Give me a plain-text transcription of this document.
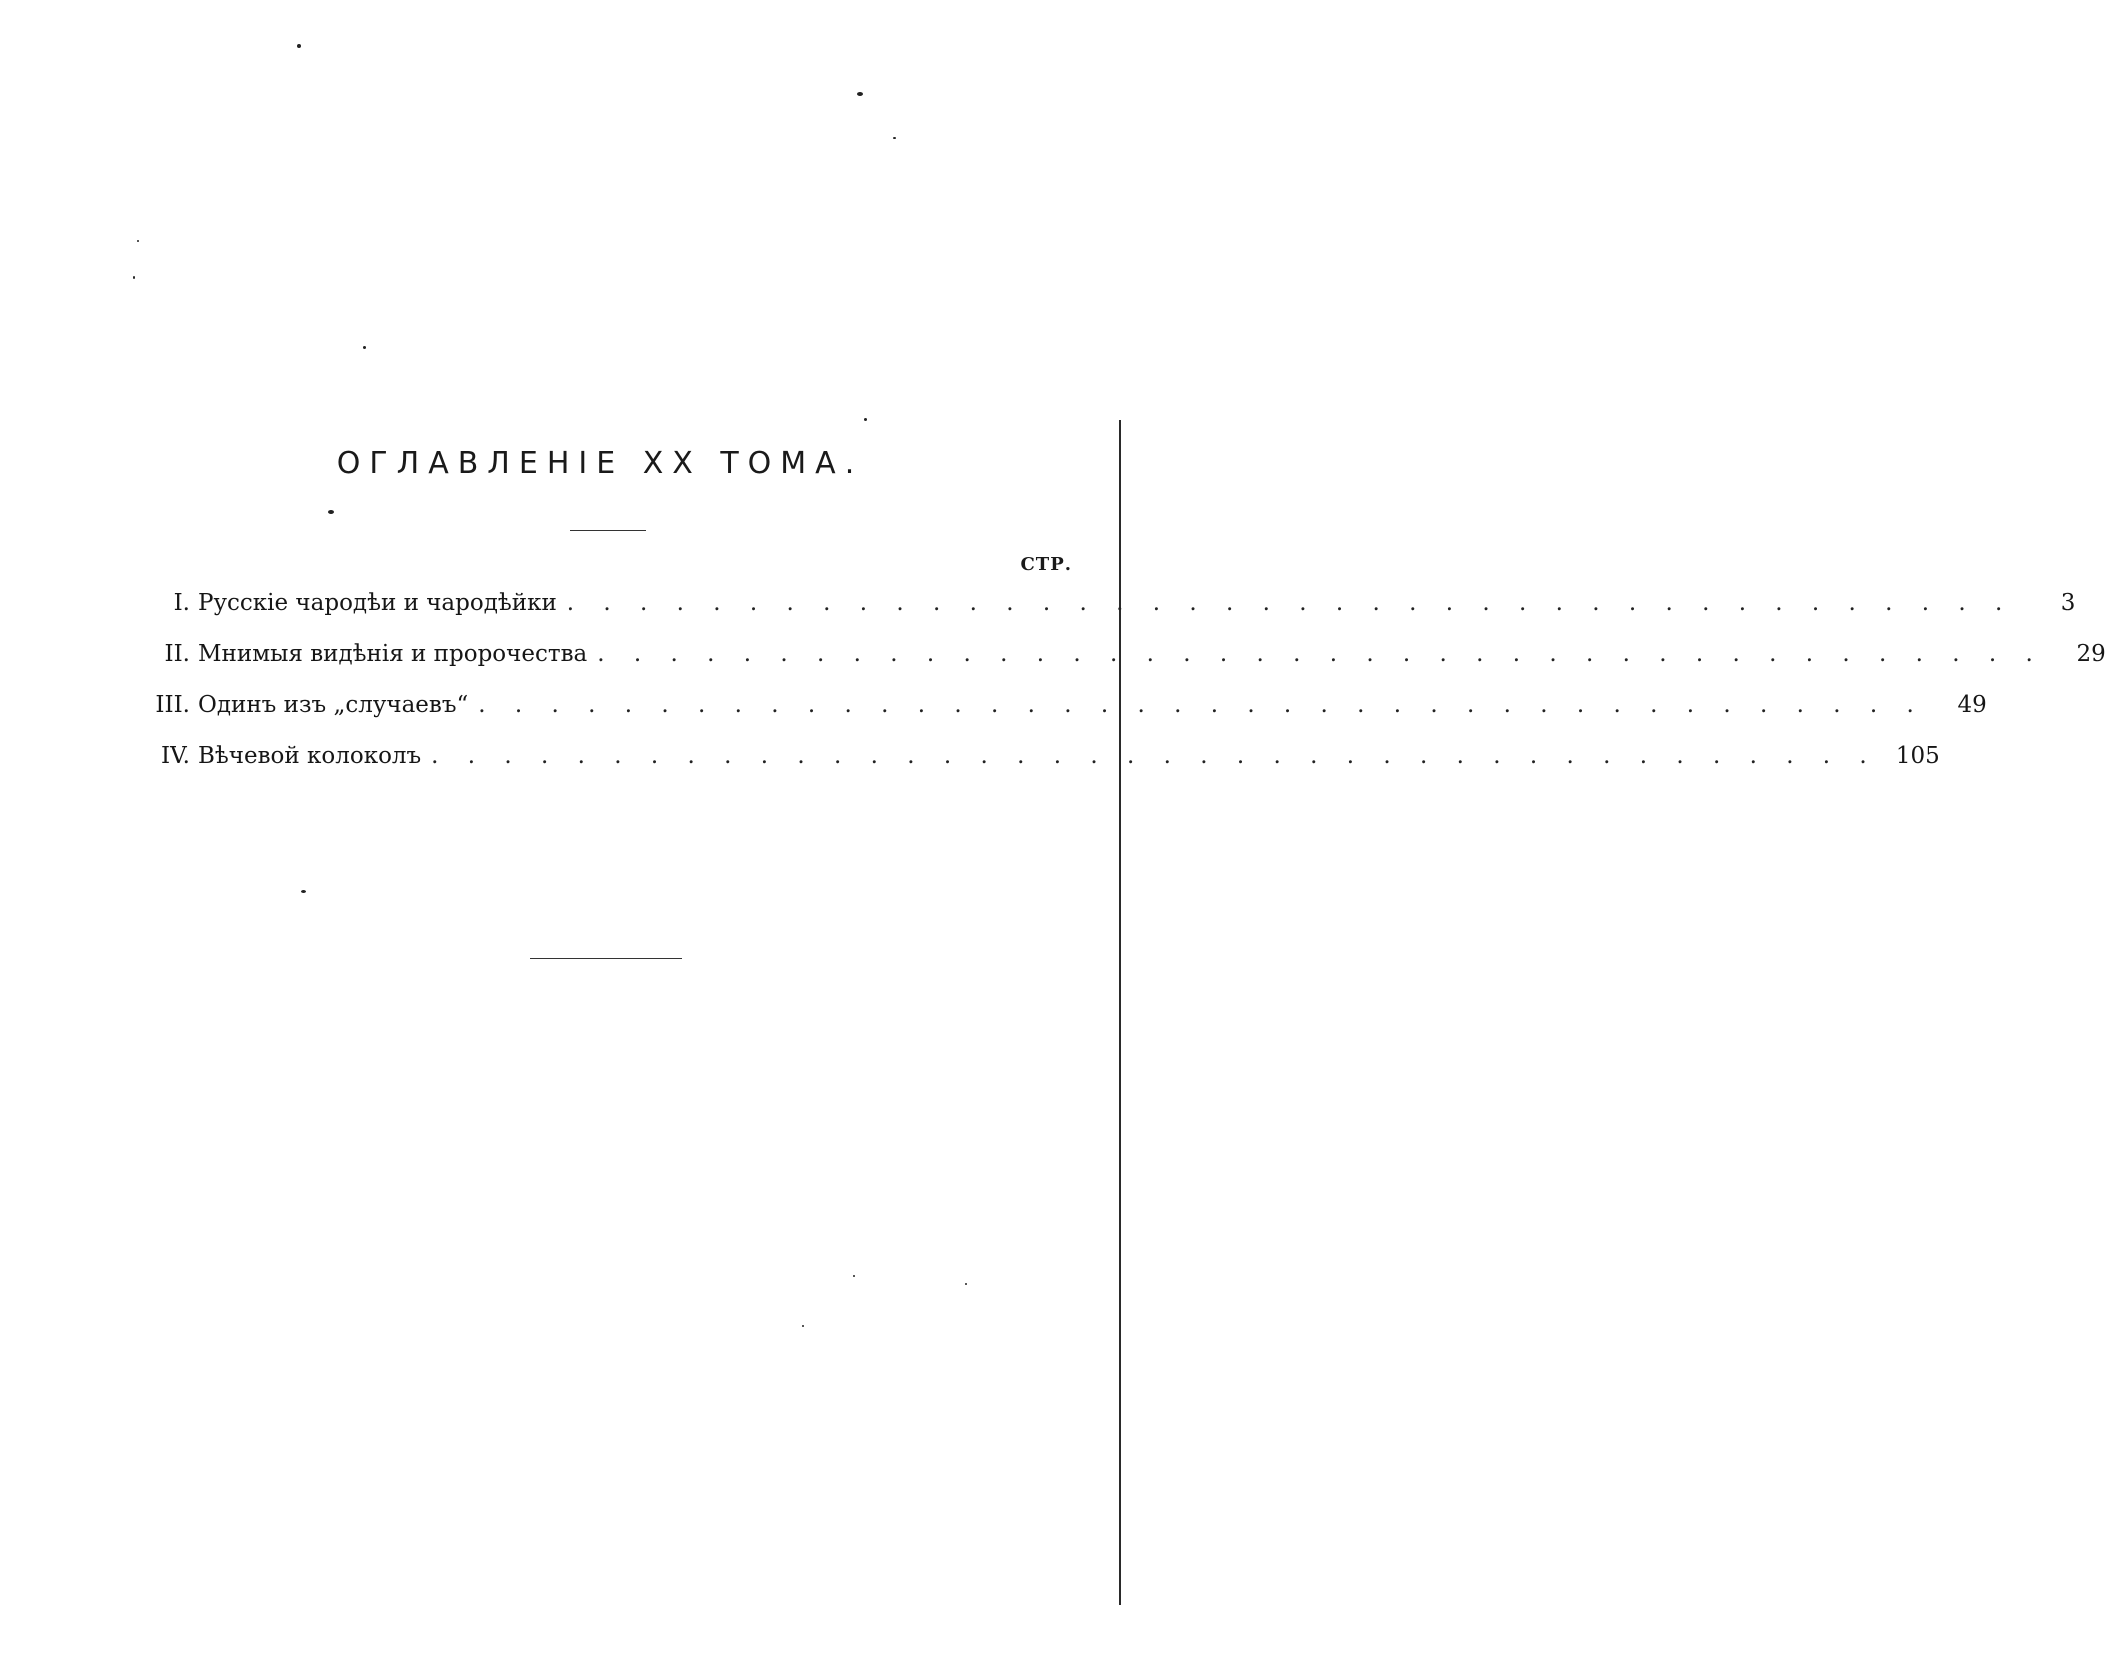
ОГЛАВЛЕНІЕ XX ТОМА.
СТР.
I. Русскіе чародѣи и чародѣйки . . . . . . . . . . . . . . . . . . . . . . . . . . . . . . . . . . . . . . . .	3
II. Мнимыя видѣнія и пророчества . . . . . . . . . . . . . . . . . . . . . . . . . . . . . . . . . . . . . . . .	29
III. Одинъ изъ „случаевъ“ . . . . . . . . . . . . . . . . . . . . . . . . . . . . . . . . . . . . . . . .	49
IV. Вѣчевой колоколъ . . . . . . . . . . . . . . . . . . . . . . . . . . . . . . . . . . . . . . . . 105
